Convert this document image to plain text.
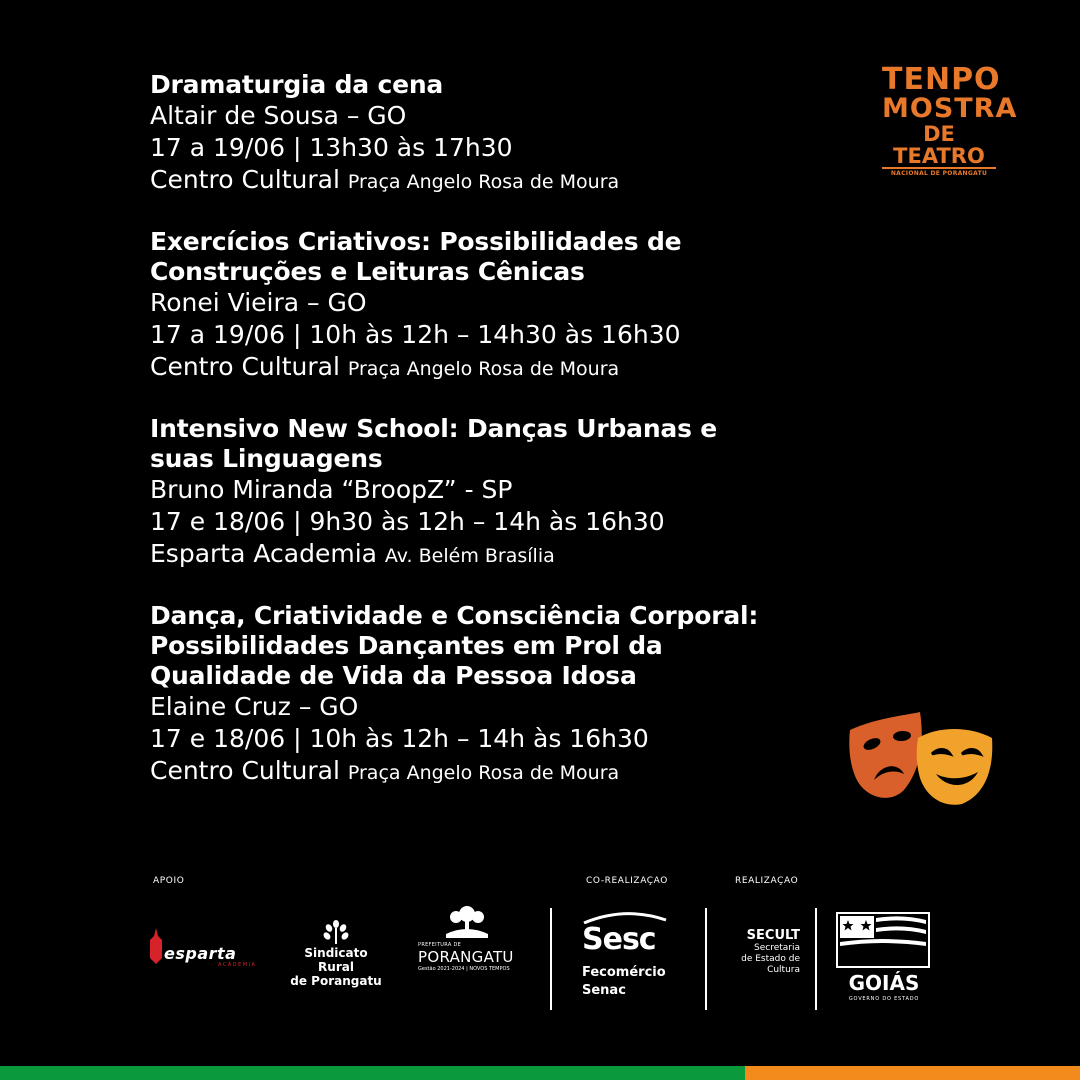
Dramaturgia da cena
Altair de Sousa – GO
17 a 19/06 | 13h30 às 17h30
Centro Cultural Praça Angelo Rosa de Moura
Exercícios Criativos: Possibilidades de
Construções e Leituras Cênicas
Ronei Vieira – GO
17 a 19/06 | 10h às 12h – 14h30 às 16h30
Centro Cultural Praça Angelo Rosa de Moura
Intensivo New School: Danças Urbanas e
suas Linguagens
Bruno Miranda “BroopZ” - SP
17 e 18/06 | 9h30 às 12h – 14h às 16h30
Esparta Academia Av. Belém Brasília
Dança, Criatividade e Consciência Corporal:
Possibilidades Dançantes em Prol da
Qualidade de Vida da Pessoa Idosa
Elaine Cruz – GO
17 e 18/06 | 10h às 12h – 14h às 16h30
Centro Cultural Praça Angelo Rosa de Moura
TENPO
MOSTRA
DE TEATRO
NACIONAL DE PORANGATU
APOIO	CO-REALIZAÇAO	REALIZAÇAO
esparta
ACADEMIA
Sindicato Rural
de Porangatu
PREFEITURA DE
PORANGATU
Gestão 2021-2024 | NOVOS TEMPOS
Sesc
Fecomércio
Senac
SECULT
Secretaria
de Estado de
Cultura
GOIÁS
GOVERNO DO ESTADO
